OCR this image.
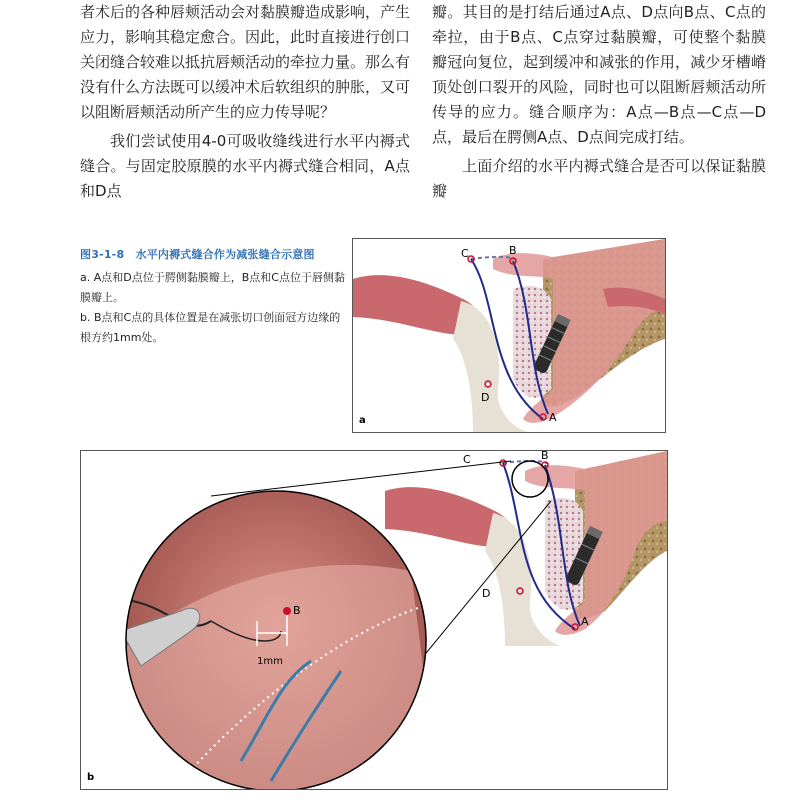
者术后的各种唇颊活动会对黏膜瓣造成影响，产生应力，影响其稳定愈合。因此，此时直接进行创口关闭缝合较难以抵抗唇颊活动的牵拉力量。那么有没有什么方法既可以缓冲术后软组织的肿胀，又可以阻断唇颊活动所产生的应力传导呢？

我们尝试使用4-0可吸收缝线进行水平内褥式缝合。与固定胶原膜的水平内褥式缝合相同，A点和D点

瓣。其目的是打结后通过A点、D点向B点、C点的牵拉，由于B点、C点穿过黏膜瓣，可使整个黏膜瓣冠向复位，起到缓冲和减张的作用，减少牙槽嵴顶处创口裂开的风险，同时也可以阻断唇颊活动所传导的应力。缝合顺序为：A点—B点—C点—D点，最后在腭侧A点、D点间完成打结。

上面介绍的水平内褥式缝合是否可以保证黏膜瓣

图3-1-8　水平内褥式缝合作为减张缝合示意图

a. A点和D点位于腭侧黏膜瓣上，B点和C点位于唇侧黏膜瓣上。

b. B点和C点的具体位置是在减张切口创面冠方边缘的根方约1mm处。

C	B
D
A
a
C	B
D
A
B
1mm
b
